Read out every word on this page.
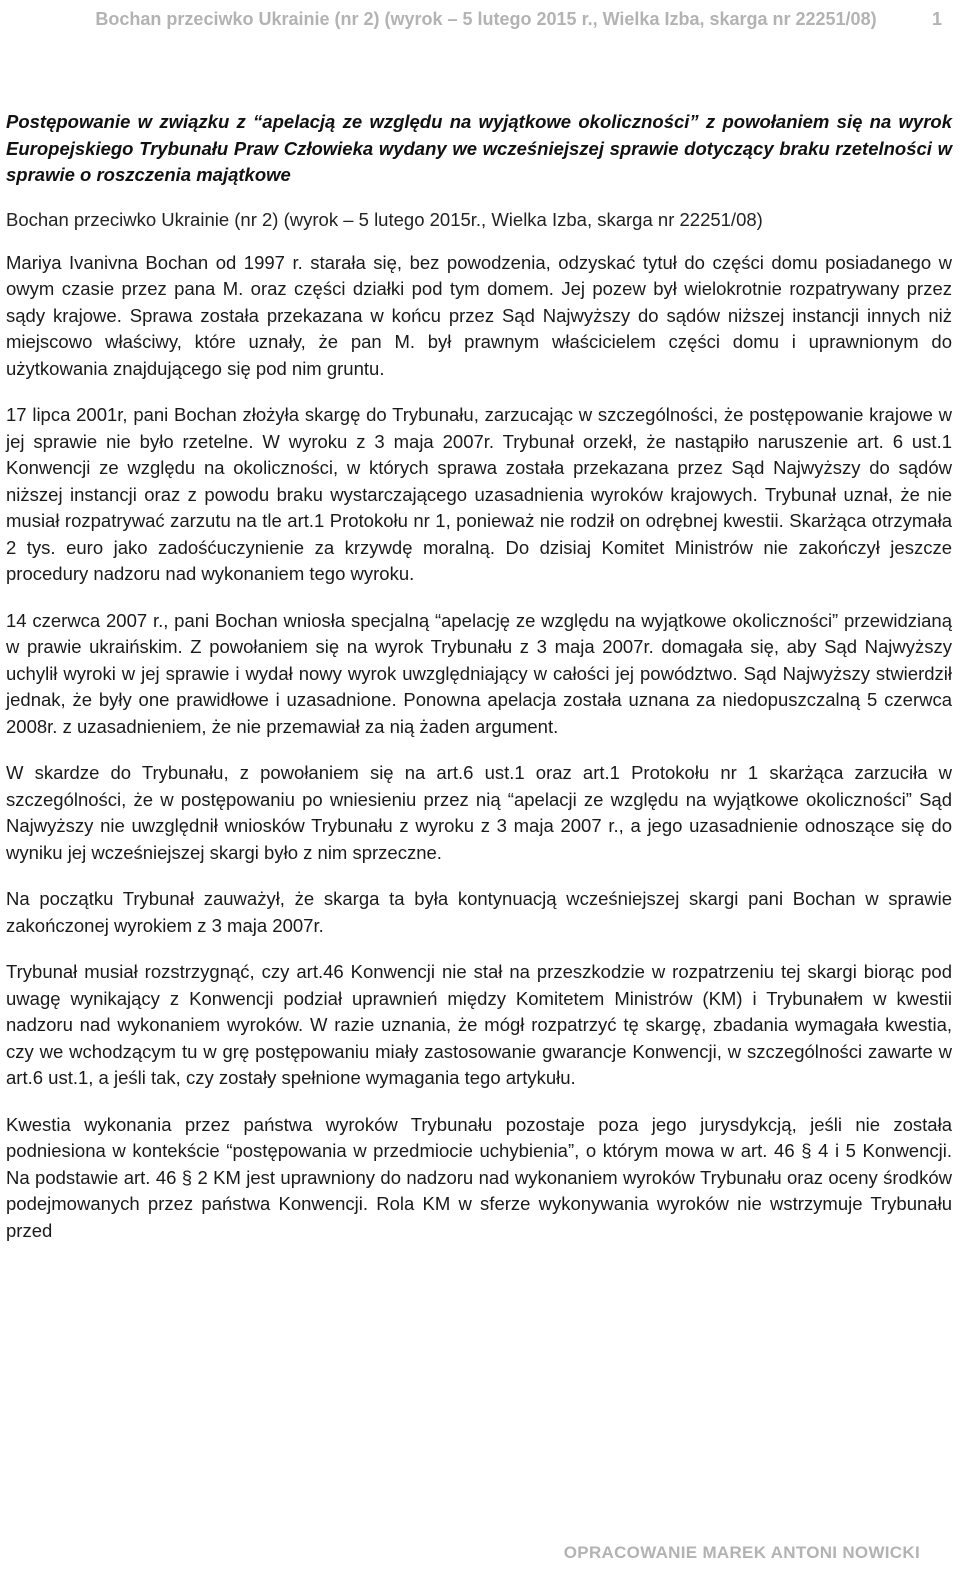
Bochan przeciwko Ukrainie (nr 2) (wyrok – 5 lutego 2015 r., Wielka Izba, skarga nr 22251/08)	1
Postępowanie w związku z “apelacją ze względu na wyjątkowe okoliczności” z powołaniem się na wyrok Europejskiego Trybunału Praw Człowieka wydany we wcześniejszej sprawie dotyczący braku rzetelności w sprawie o roszczenia majątkowe
Bochan przeciwko Ukrainie (nr 2) (wyrok – 5 lutego 2015r., Wielka Izba, skarga nr 22251/08)
Mariya Ivanivna Bochan od 1997 r. starała się, bez powodzenia, odzyskać tytuł do części domu posiadanego w owym czasie przez pana M. oraz części działki pod tym domem. Jej pozew był wielokrotnie rozpatrywany przez sądy krajowe. Sprawa została przekazana w końcu przez Sąd Najwyższy do sądów niższej instancji innych niż miejscowo właściwy, które uznały, że pan M. był prawnym właścicielem części domu i uprawnionym do użytkowania znajdującego się pod nim gruntu.
17 lipca 2001r, pani Bochan złożyła skargę do Trybunału, zarzucając w szczególności, że postępowanie krajowe w jej sprawie nie było rzetelne. W wyroku z 3 maja 2007r. Trybunał orzekł, że nastąpiło naruszenie art. 6 ust.1 Konwencji ze względu na okoliczności, w których sprawa została przekazana przez Sąd Najwyższy do sądów niższej instancji oraz z powodu braku wystarczającego uzasadnienia wyroków krajowych. Trybunał uznał, że nie musiał rozpatrywać zarzutu na tle art.1 Protokołu nr 1, ponieważ nie rodził on odrębnej kwestii. Skarżąca otrzymała 2 tys. euro jako zadośćuczynienie za krzywdę moralną. Do dzisiaj Komitet Ministrów nie zakończył jeszcze procedury nadzoru nad wykonaniem tego wyroku.
14 czerwca 2007 r., pani Bochan wniosła specjalną “apelację ze względu na wyjątkowe okoliczności” przewidzianą w prawie ukraińskim. Z powołaniem się na wyrok Trybunału z 3 maja 2007r. domagała się, aby Sąd Najwyższy uchylił wyroki w jej sprawie i wydał nowy wyrok uwzględniający w całości jej powództwo. Sąd Najwyższy stwierdził jednak, że były one prawidłowe i uzasadnione. Ponowna apelacja została uznana za niedopuszczalną 5 czerwca 2008r. z uzasadnieniem, że nie przemawiał za nią żaden argument.
W skardze do Trybunału, z powołaniem się na art.6 ust.1 oraz art.1 Protokołu nr 1 skarżąca zarzuciła w szczególności, że w postępowaniu po wniesieniu przez nią “apelacji ze względu na wyjątkowe okoliczności” Sąd Najwyższy nie uwzględnił wniosków Trybunału z wyroku z 3 maja 2007 r., a jego uzasadnienie odnoszące się do wyniku jej wcześniejszej skargi było z nim sprzeczne.
Na początku Trybunał zauważył, że skarga ta była kontynuacją wcześniejszej skargi pani Bochan w sprawie zakończonej wyrokiem z 3 maja 2007r.
Trybunał musiał rozstrzygnąć, czy art.46 Konwencji nie stał na przeszkodzie w rozpatrzeniu tej skargi biorąc pod uwagę wynikający z Konwencji podział uprawnień między Komitetem Ministrów (KM) i Trybunałem w kwestii nadzoru nad wykonaniem wyroków. W razie uznania, że mógł rozpatrzyć tę skargę, zbadania wymagała kwestia, czy we wchodzącym tu w grę postępowaniu miały zastosowanie gwarancje Konwencji, w szczególności zawarte w art.6 ust.1, a jeśli tak, czy zostały spełnione wymagania tego artykułu.
Kwestia wykonania przez państwa wyroków Trybunału pozostaje poza jego jurysdykcją, jeśli nie została podniesiona w kontekście “postępowania w przedmiocie uchybienia”, o którym mowa w art. 46 § 4 i 5 Konwencji. Na podstawie art. 46 § 2 KM jest uprawniony do nadzoru nad wykonaniem wyroków Trybunału oraz oceny środków podejmowanych przez państwa Konwencji. Rola KM w sferze wykonywania wyroków nie wstrzymuje Trybunału przed
OPRACOWANIE MAREK ANTONI NOWICKI
